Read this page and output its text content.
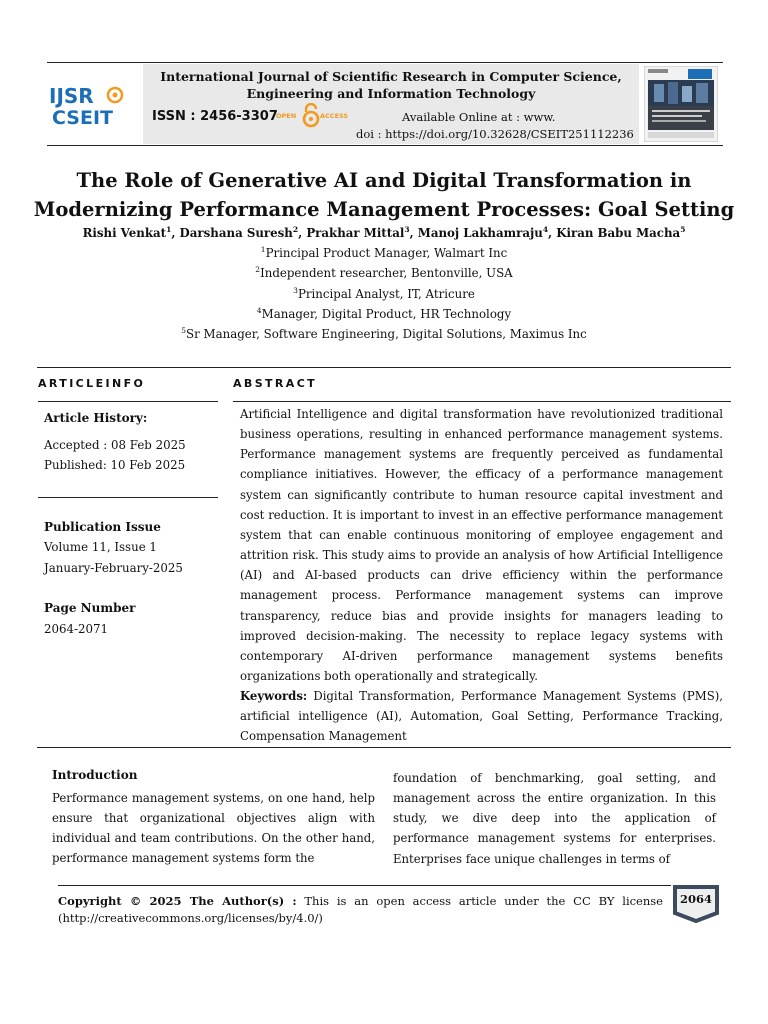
IJSR
CSEIT
International Journal of Scientific Research in Computer Science, Engineering and Information Technology
ISSN : 2456-3307
OPEN	ACCESS	Available Online at : www.
doi : https://doi.org/10.32628/CSEIT251112236
The Role of Generative AI and Digital Transformation in
Modernizing Performance Management Processes: Goal Setting
Rishi Venkat$^1$, Darshana Suresh$^2$, Prakhar Mittal$^3$, Manoj Lakhamraju$^4$, Kiran Babu Macha$^5$
$^1$Principal Product Manager, Walmart Inc
$^2$Independent researcher, Bentonville, USA
$^3$Principal Analyst, IT, Atricure
$^4$Manager, Digital Product, HR Technology
$^5$Sr Manager, Software Engineering, Digital Solutions, Maximus Inc
ARTICLEINFO	ABSTRACT
Article History:
Accepted : 08 Feb 2025
Published: 10 Feb 2025
Publication Issue
Volume 11, Issue 1
January-February-2025
Page Number
2064-2071
Artificial Intelligence and digital transformation have revolutionized traditional business operations, resulting in enhanced performance management systems. Performance management systems are frequently perceived as fundamental compliance initiatives. However, the efficacy of a performance management system can significantly contribute to human resource capital investment and cost reduction. It is important to invest in an effective performance management system that can enable continuous monitoring of employee engagement and attrition risk. This study aims to provide an analysis of how Artificial Intelligence (AI) and AI-based products can drive efficiency within the performance management process. Performance management systems can improve transparency, reduce bias and provide insights for managers leading to improved decision-making. The necessity to replace legacy systems with contemporary AI-driven performance management systems benefits organizations both operationally and strategically.
Keywords: Digital Transformation, Performance Management Systems (PMS), artificial intelligence (AI), Automation, Goal Setting, Performance Tracking, Compensation Management
Introduction
Performance management systems, on one hand, help ensure that organizational objectives align with individual and team contributions. On the other hand, performance management systems form the
foundation of benchmarking, goal setting, and management across the entire organization. In this study, we dive deep into the application of performance management systems for enterprises. Enterprises face unique challenges in terms of
Copyright © 2025 The Author(s) : This is an open access article under the CC BY license (http://creativecommons.org/licenses/by/4.0/)
2064
